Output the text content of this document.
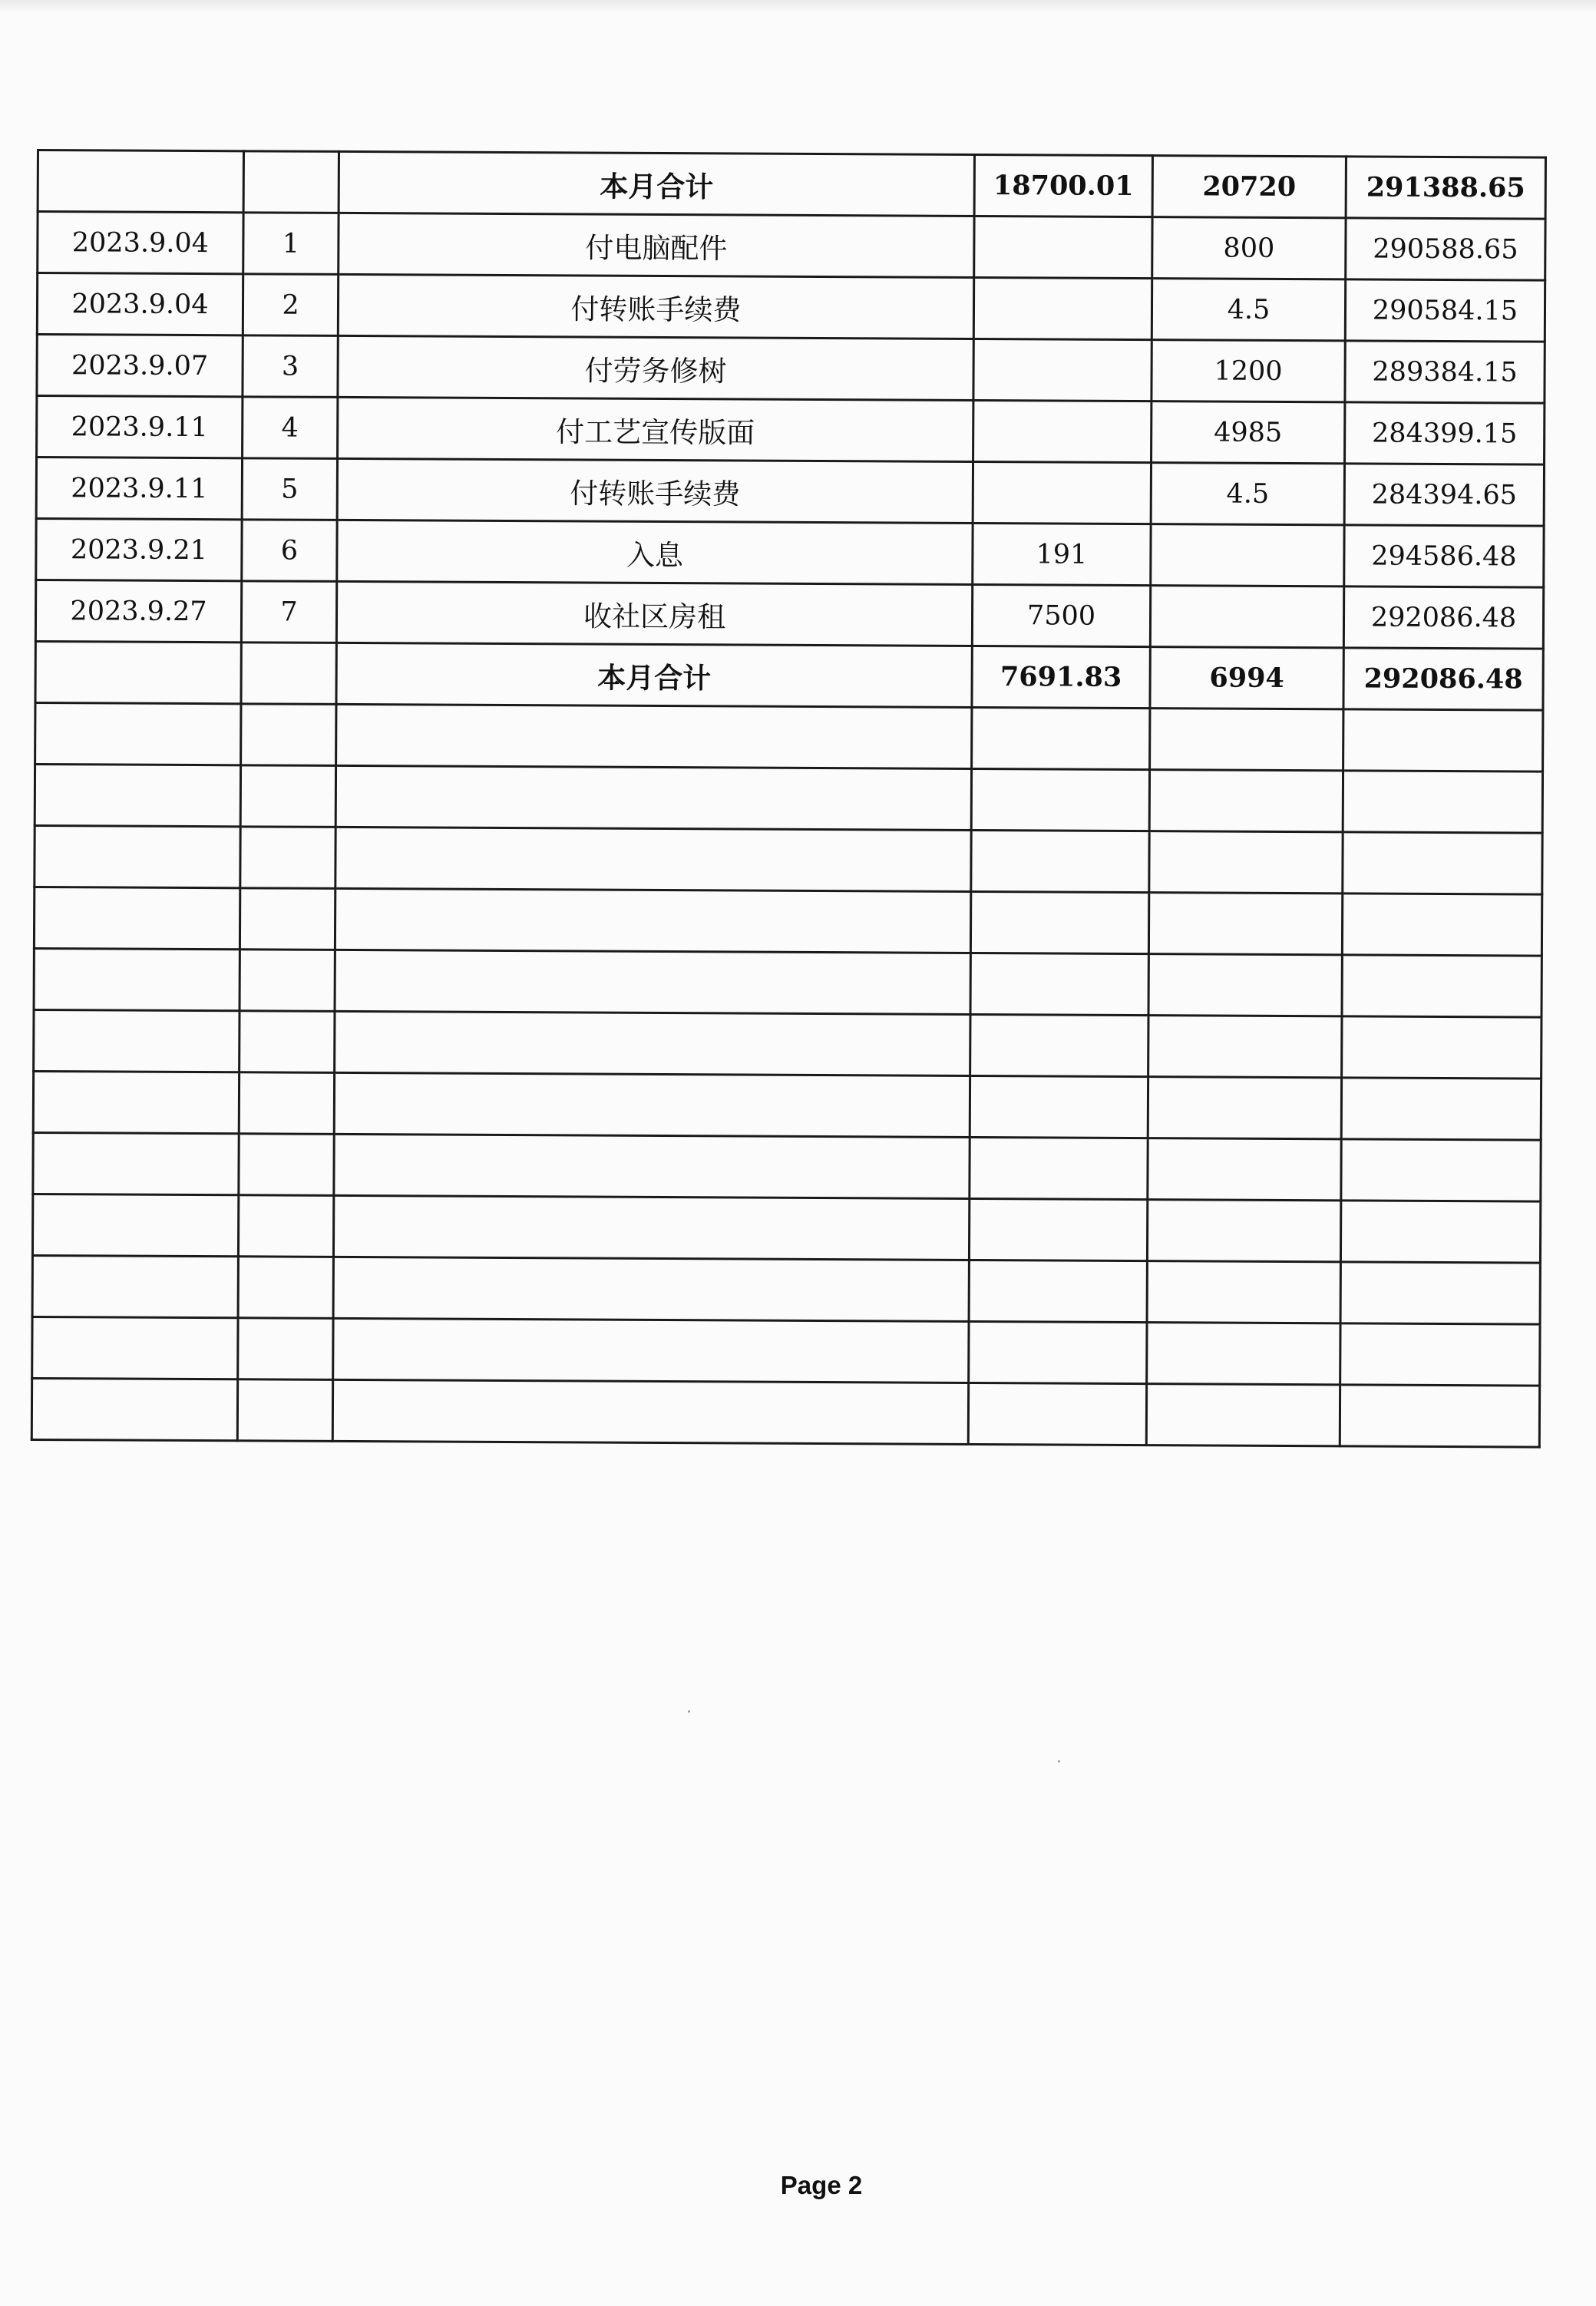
		本月合计	18700.01	20720	291388.65
2023.9.04	1	付电脑配件		800	290588.65
2023.9.04	2	付转账手续费		4.5	290584.15
2023.9.07	3	付劳务修树		1200	289384.15
2023.9.11	4	付工艺宣传版面		4985	284399.15
2023.9.11	5	付转账手续费		4.5	284394.65
2023.9.21	6	入息	191		294586.48
2023.9.27	7	收社区房租	7500		292086.48
		本月合计	7691.83	6994	292086.48

Page 2
